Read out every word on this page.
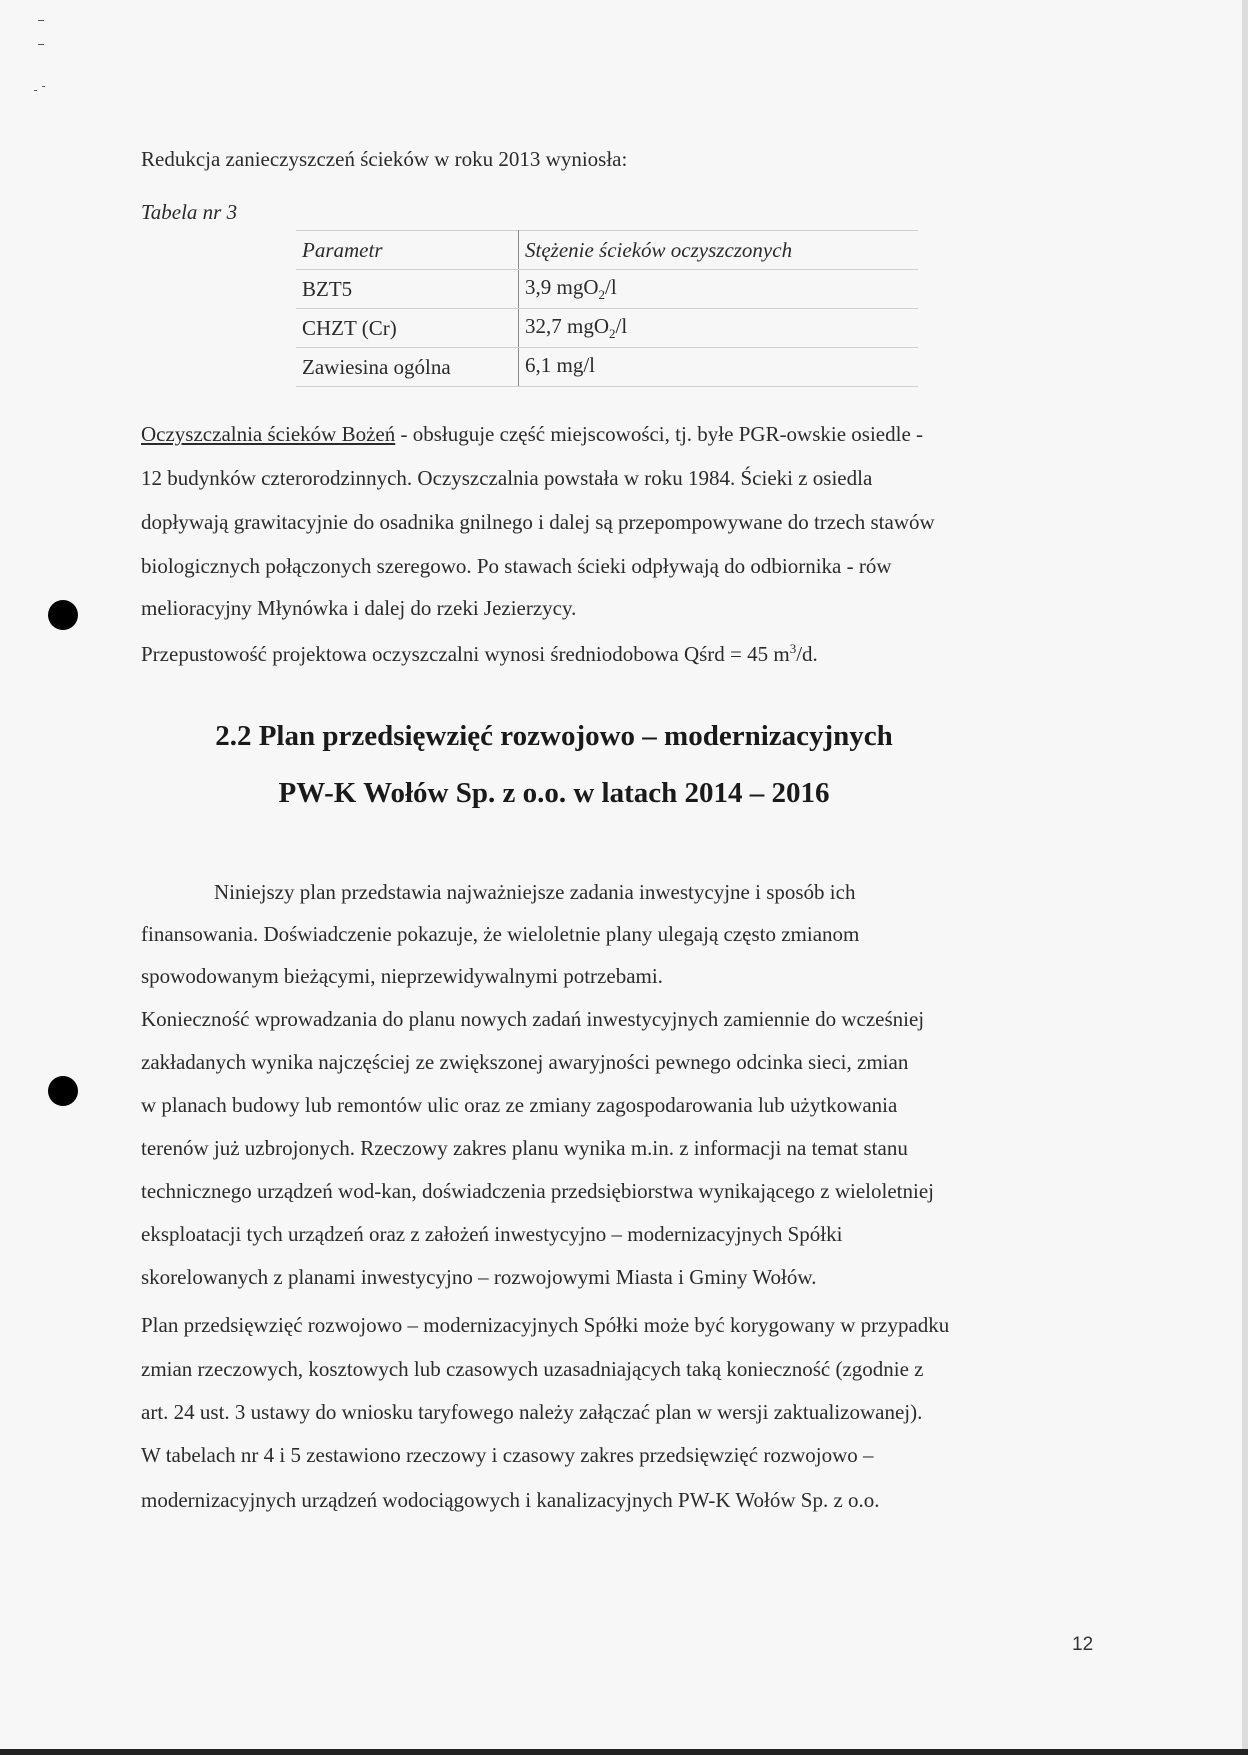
Redukcja zanieczyszczeń ścieków w roku 2013 wyniosła:
Tabela nr 3
Parametr	Stężenie ścieków oczyszczonych
BZT5	3,9 mgO$_2$/l
CHZT (Cr)	32,7 mgO$_2$/l
Zawiesina ogólna	6,1 mg/l
Oczyszczalnia ścieków Bożeń - obsługuje część miejscowości, tj. byłe PGR-owskie osiedle -
12 budynków czterorodzinnych. Oczyszczalnia powstała w roku 1984. Ścieki z osiedla
dopływają grawitacyjnie do osadnika gnilnego i dalej są przepompowywane do trzech stawów
biologicznych połączonych szeregowo. Po stawach ścieki odpływają do odbiornika - rów
melioracyjny Młynówka i dalej do rzeki Jezierzycy.
Przepustowość projektowa oczyszczalni wynosi średniodobowa Qśrd = 45 $m^3/d$.
2.2 Plan przedsięwzięć rozwojowo – modernizacyjnych
PW-K Wołów Sp. z o.o. w latach 2014 – 2016
Niniejszy plan przedstawia najważniejsze zadania inwestycyjne i sposób ich
finansowania. Doświadczenie pokazuje, że wieloletnie plany ulegają często zmianom
spowodowanym bieżącymi, nieprzewidywalnymi potrzebami.
Konieczność wprowadzania do planu nowych zadań inwestycyjnych zamiennie do wcześniej
zakładanych wynika najczęściej ze zwiększonej awaryjności pewnego odcinka sieci, zmian
w planach budowy lub remontów ulic oraz ze zmiany zagospodarowania lub użytkowania
terenów już uzbrojonych. Rzeczowy zakres planu wynika m.in. z informacji na temat stanu
technicznego urządzeń wod-kan, doświadczenia przedsiębiorstwa wynikającego z wieloletniej
eksploatacji tych urządzeń oraz z założeń inwestycyjno – modernizacyjnych Spółki
skorelowanych z planami inwestycyjno – rozwojowymi Miasta i Gminy Wołów.
Plan przedsięwzięć rozwojowo – modernizacyjnych Spółki może być korygowany w przypadku
zmian rzeczowych, kosztowych lub czasowych uzasadniających taką konieczność (zgodnie z
art. 24 ust. 3 ustawy do wniosku taryfowego należy załączać plan w wersji zaktualizowanej).
W tabelach nr 4 i 5 zestawiono rzeczowy i czasowy zakres przedsięwzięć rozwojowo –
modernizacyjnych urządzeń wodociągowych i kanalizacyjnych PW-K Wołów Sp. z o.o.
12
